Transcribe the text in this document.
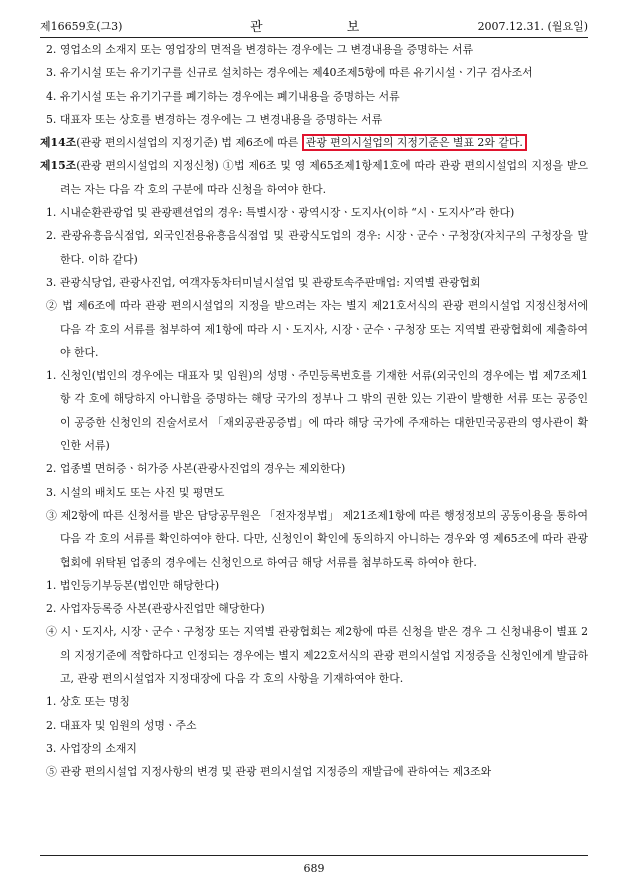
제16659호(그3)	관 보	2007.12.31. (월요일)

2. 영업소의 소재지 또는 영업장의 면적을 변경하는 경우에는 그 변경내용을 증명하는 서류

3. 유기시설 또는 유기기구를 신규로 설치하는 경우에는 제40조제5항에 따른 유기시설ㆍ기구 검사조서

4. 유기시설 또는 유기기구를 폐기하는 경우에는 폐기내용을 증명하는 서류

5. 대표자 또는 상호를 변경하는 경우에는 그 변경내용을 증명하는 서류

제14조(관광 편의시설업의 지정기준) 법 제6조에 따른 관광 편의시설업의 지정기준은 별표 2와 같다.

제15조(관광 편의시설업의 지정신청) ①법 제6조 및 영 제65조제1항제1호에 따라 관광 편의시설업의 지정을 받으려는 자는 다음 각 호의 구분에 따라 신청을 하여야 한다.

1. 시내순환관광업 및 관광펜션업의 경우: 특별시장ㆍ광역시장ㆍ도지사(이하 “시ㆍ도지사”라 한다)

2. 관광유흥음식점업, 외국인전용유흥음식점업 및 관광식도업의 경우: 시장ㆍ군수ㆍ구청장(자치구의 구청장을 말한다. 이하 같다)

3. 관광식당업, 관광사진업, 여객자동차터미널시설업 및 관광토속주판매업: 지역별 관광협회

② 법 제6조에 따라 관광 편의시설업의 지정을 받으려는 자는 별지 제21호서식의 관광 편의시설업 지정신청서에 다음 각 호의 서류를 첨부하여 제1항에 따라 시ㆍ도지사, 시장ㆍ군수ㆍ구청장 또는 지역별 관광협회에 제출하여야 한다.

1. 신청인(법인의 경우에는 대표자 및 임원)의 성명ㆍ주민등록번호를 기재한 서류(외국인의 경우에는 법 제7조제1항 각 호에 해당하지 아니함을 증명하는 해당 국가의 정부나 그 밖의 권한 있는 기관이 발행한 서류 또는 공증인이 공증한 신청인의 진술서로서 「재외공관공증법」에 따라 해당 국가에 주재하는 대한민국공관의 영사관이 확인한 서류)

2. 업종별 면허증ㆍ허가증 사본(관광사진업의 경우는 제외한다)

3. 시설의 배치도 또는 사진 및 평면도

③ 제2항에 따른 신청서를 받은 담당공무원은 「전자정부법」 제21조제1항에 따른 행정정보의 공동이용을 통하여 다음 각 호의 서류를 확인하여야 한다. 다만, 신청인이 확인에 동의하지 아니하는 경우와 영 제65조에 따라 관광협회에 위탁된 업종의 경우에는 신청인으로 하여금 해당 서류를 첨부하도록 하여야 한다.

1. 법인등기부등본(법인만 해당한다)

2. 사업자등록증 사본(관광사진업만 해당한다)

④ 시ㆍ도지사, 시장ㆍ군수ㆍ구청장 또는 지역별 관광협회는 제2항에 따른 신청을 받은 경우 그 신청내용이 별표 2의 지정기준에 적합하다고 인정되는 경우에는 별지 제22호서식의 관광 편의시설업 지정증을 신청인에게 발급하고, 관광 편의시설업자 지정대장에 다음 각 호의 사항을 기재하여야 한다.

1. 상호 또는 명칭

2. 대표자 및 임원의 성명ㆍ주소

3. 사업장의 소재지

⑤ 관광 편의시설업 지정사항의 변경 및 관광 편의시설업 지정증의 재발급에 관하여는 제3조와

689
